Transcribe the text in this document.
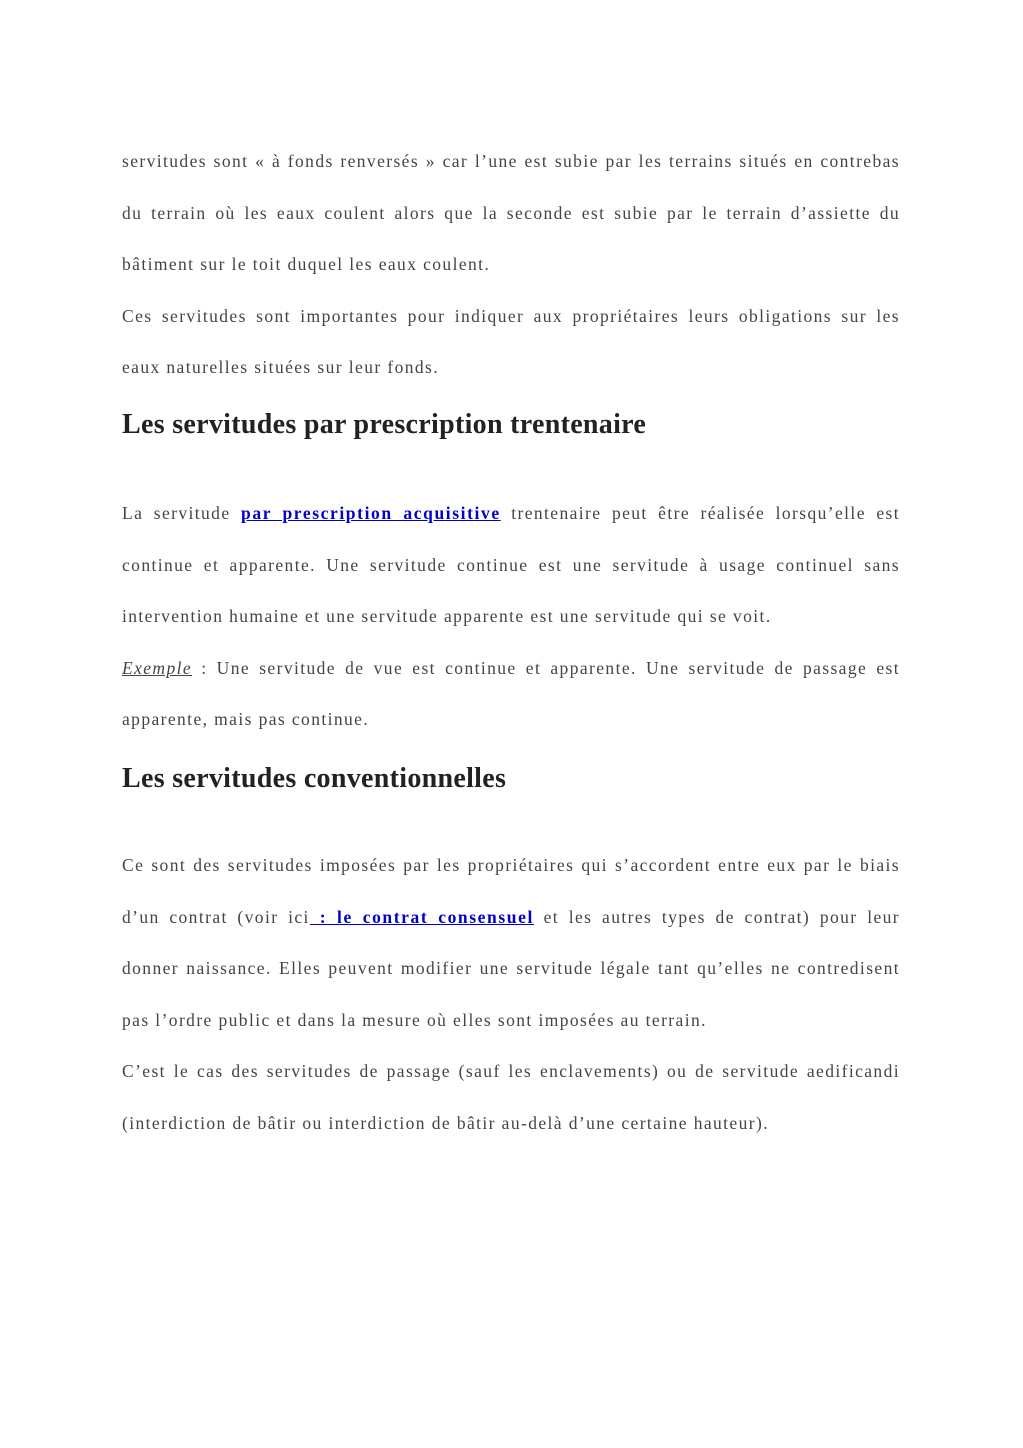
servitudes sont « à fonds renversés » car l’une est subie par les terrains situés en contrebas du terrain où les eaux coulent alors que la seconde est subie par le terrain d’assiette du bâtiment sur le toit duquel les eaux coulent.

Ces servitudes sont importantes pour indiquer aux propriétaires leurs obligations sur les eaux naturelles situées sur leur fonds.

Les servitudes par prescription trentenaire

La servitude par prescription acquisitive trentenaire peut être réalisée lorsqu’elle est continue et apparente. Une servitude continue est une servitude à usage continuel sans intervention humaine et une servitude apparente est une servitude qui se voit.

Exemple : Une servitude de vue est continue et apparente. Une servitude de passage est apparente, mais pas continue.

Les servitudes conventionnelles

Ce sont des servitudes imposées par les propriétaires qui s’accordent entre eux par le biais d’un contrat (voir ici : le contrat consensuel et les autres types de contrat) pour leur donner naissance. Elles peuvent modifier une servitude légale tant qu’elles ne contredisent pas l’ordre public et dans la mesure où elles sont imposées au terrain.

C’est le cas des servitudes de passage (sauf les enclavements) ou de servitude aedificandi (interdiction de bâtir ou interdiction de bâtir au-delà d’une certaine hauteur).
